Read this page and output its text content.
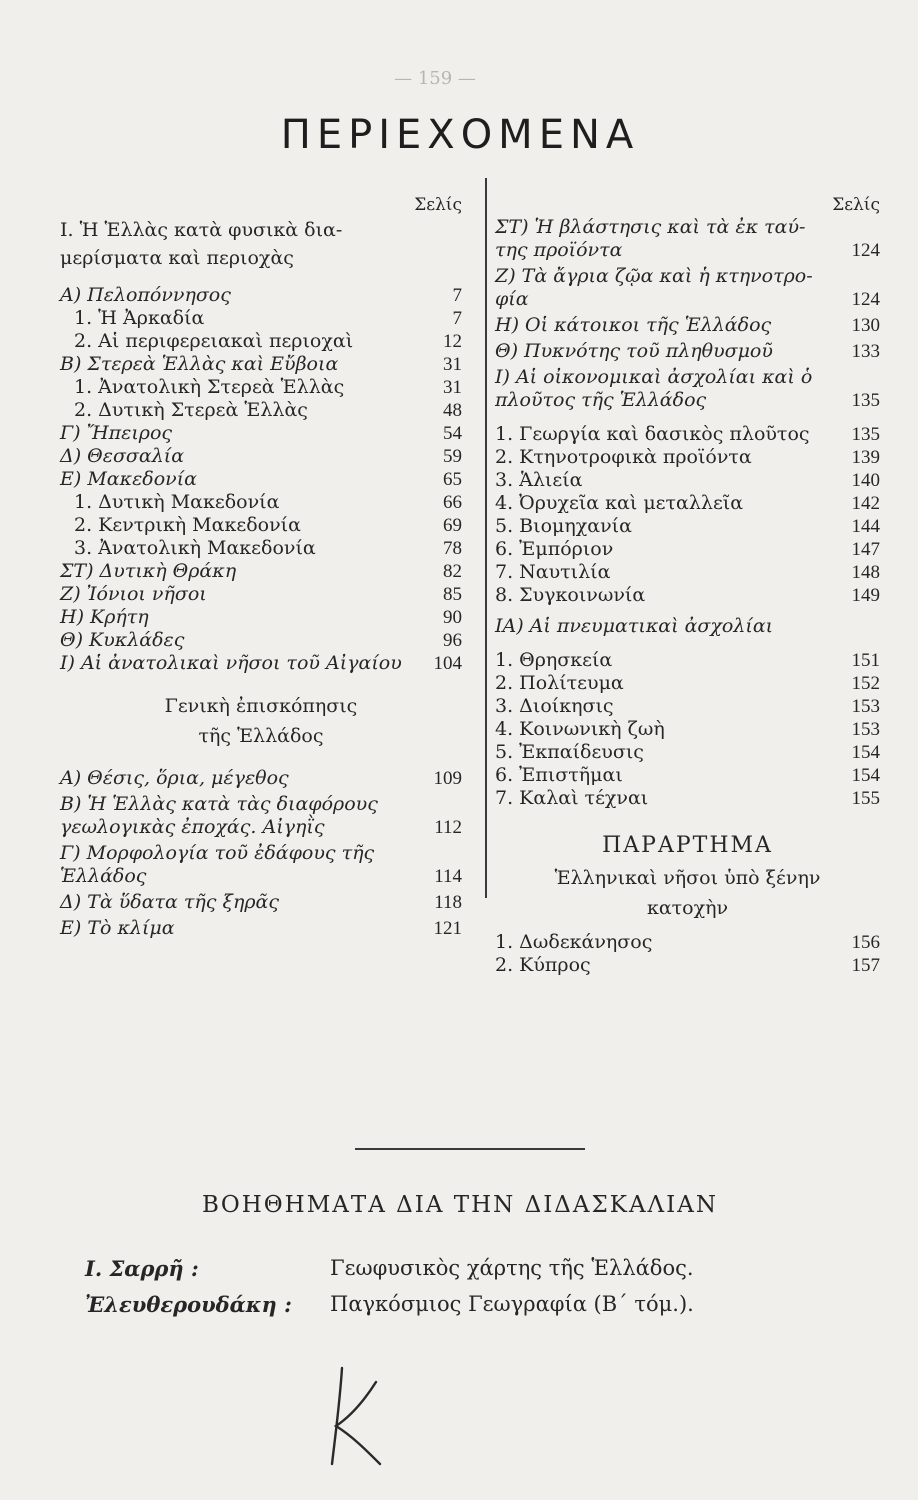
— 159 —
ΠΕΡΙΕΧΟΜΕΝΑ
Σελίς
I. Ἡ Ἑλλὰς κατὰ φυσικὰ δια-μερίσματα καὶ περιοχὰς
Α) Πελοπόννησος	7
1. Ἡ Ἀρκαδία	7
2. Αἱ περιφερειακαὶ περιοχαὶ	12
Β) Στερεὰ Ἑλλὰς καὶ Εὔβοια	31
1. Ἀνατολικὴ Στερεὰ Ἑλλὰς	31
2. Δυτικὴ Στερεὰ Ἑλλὰς	48
Γ) Ἤπειρος	54
Δ) Θεσσαλία	59
Ε) Μακεδονία	65
1. Δυτικὴ Μακεδονία	66
2. Κεντρικὴ Μακεδονία	69
3. Ἀνατολικὴ Μακεδονία	78
ΣΤ) Δυτικὴ Θράκη	82
Ζ) Ἰόνιοι νῆσοι	85
Η) Κρήτη	90
Θ) Κυκλάδες	96
Ι) Αἱ ἀνατολικαὶ νῆσοι τοῦ Αἰγαίου 104
Γενικὴ ἐπισκόπησις
τῆς Ἑλλάδος
Α) Θέσις, ὅρια, μέγεθος	109
Β) Ἡ Ἑλλὰς κατὰ τὰς διαφόρους γεωλογικὰς ἐποχάς. Αἰγηῒς	112
Γ) Μορφολογία τοῦ ἐδάφους τῆς Ἑλλάδος	114
Δ) Τὰ ὕδατα τῆς ξηρᾶς	118
Ε) Τὸ κλίμα	121
Σελίς
ΣΤ) Ἡ βλάστησις καὶ τὰ ἐκ ταύ-της προϊόντα	124
Ζ) Τὰ ἄγρια ζῷα καὶ ἡ κτηνοτρο-φία	124
Η) Οἱ κάτοικοι τῆς Ἑλλάδος	130
Θ) Πυκνότης τοῦ πληθυσμοῦ	133
Ι) Αἱ οἰκονομικαὶ ἀσχολίαι καὶ ὁ πλοῦτος τῆς Ἑλλάδος	135
1. Γεωργία καὶ δασικὸς πλοῦτος 135
2. Κτηνοτροφικὰ προϊόντα	139
3. Ἁλιεία	140
4. Ὀρυχεῖα καὶ μεταλλεῖα	142
5. Βιομηχανία	144
6. Ἐμπόριον	147
7. Ναυτιλία	148
8. Συγκοινωνία	149
ΙΑ) Αἱ πνευματικαὶ ἀσχολίαι
1. Θρησκεία	151
2. Πολίτευμα	152
3. Διοίκησις	153
4. Κοινωνικὴ ζωὴ	153
5. Ἐκπαίδευσις	154
6. Ἐπιστῆμαι	154
7. Καλαὶ τέχναι	155
ΠΑΡΑΡΤΗΜΑ
Ἑλληνικαὶ νῆσοι ὑπὸ ξένην
κατοχὴν
1. Δωδεκάνησος	156
2. Κύπρος	157
ΒΟΗΘΗΜΑΤΑ ΔΙΑ ΤΗΝ ΔΙΔΑΣΚΑΛΙΑΝ
Ι. Σαρρῆ :	Γεωφυσικὸς χάρτης τῆς Ἑλλάδος.
Ἐλευθερουδάκη : Παγκόσμιος Γεωγραφία (Β΄ τόμ.).
